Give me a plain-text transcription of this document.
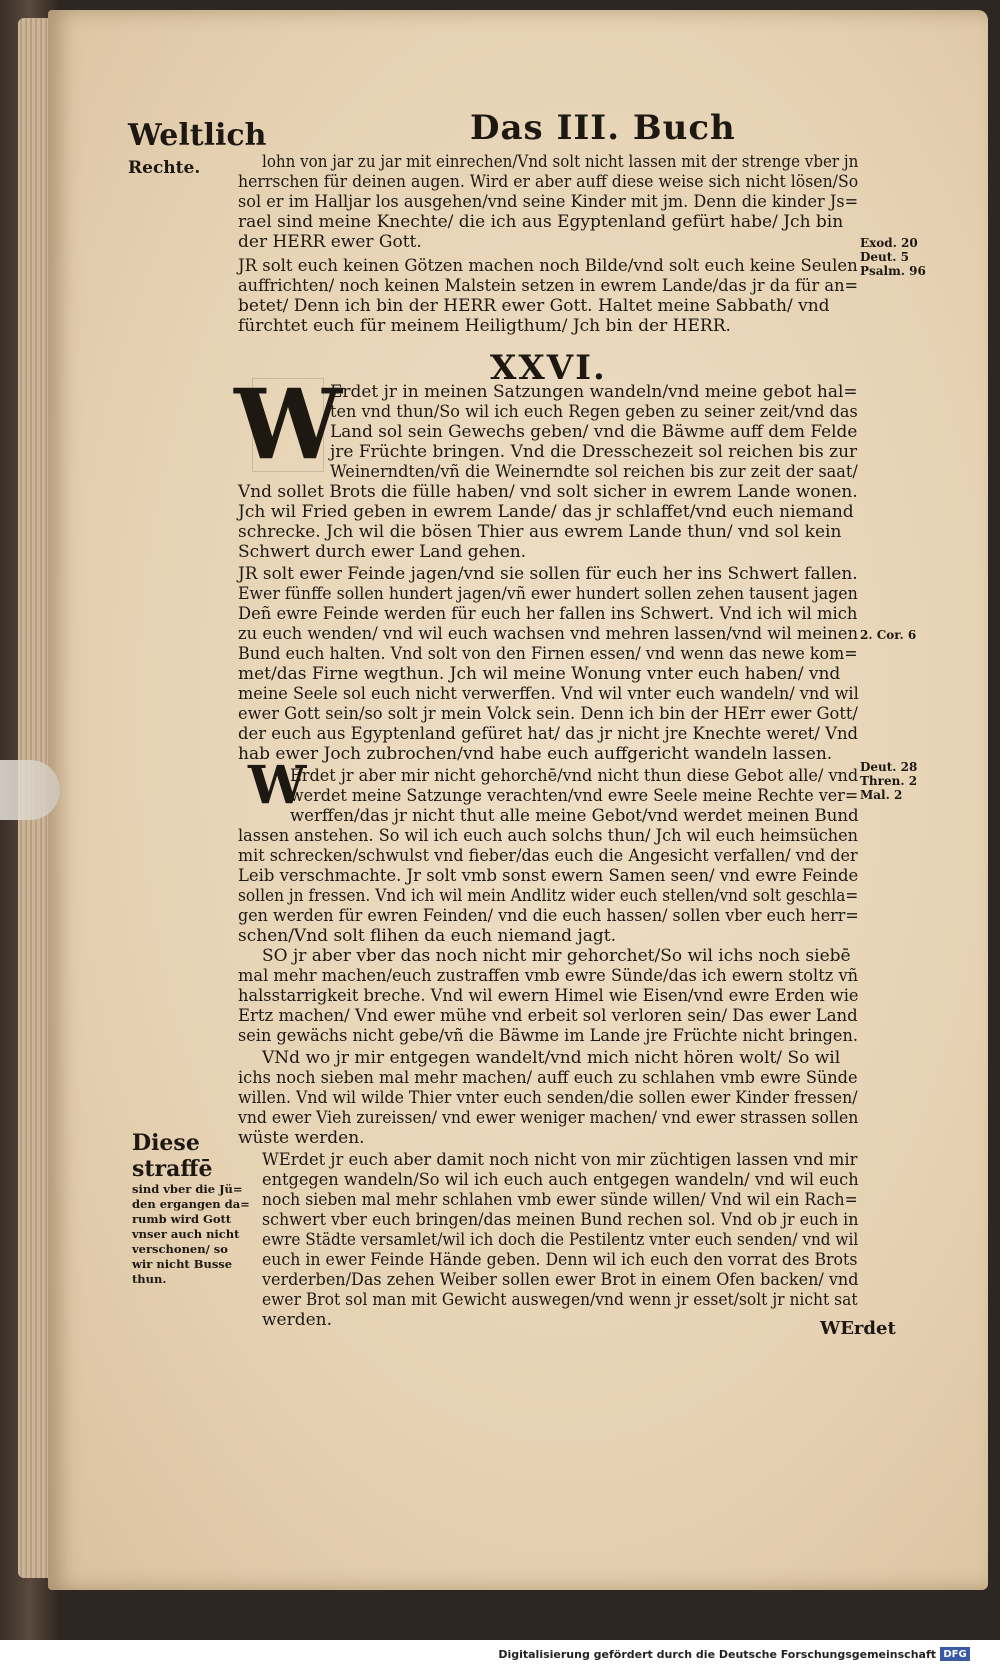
Weltlich
Rechte.
Das III. Buch
lohn von jar zu jar mit einrechen/Vnd solt nicht lassen mit der strenge vber jn
herrschen für deinen augen. Wird er aber auff diese weise sich nicht lösen/So
sol er im Halljar los ausgehen/vnd seine Kinder mit jm. Denn die kinder Js=
rael sind meine Knechte/ die ich aus Egyptenland gefürt habe/ Jch bin
der HERR ewer Gott.
JR solt euch keinen Götzen machen noch Bilde/vnd solt euch keine Seulen
auffrichten/ noch keinen Malstein setzen in ewrem Lande/das jr da für an=
betet/ Denn ich bin der HERR ewer Gott. Haltet meine Sabbath/ vnd
fürchtet euch für meinem Heiligthum/ Jch bin der HERR.
Exod. 20
Deut. 5
Psalm. 96
XXVI.
W
Erdet jr in meinen Satzungen wandeln/vnd meine gebot hal=
ten vnd thun/So wil ich euch Regen geben zu seiner zeit/vnd das
Land sol sein Gewechs geben/ vnd die Bäwme auff dem Felde
jre Früchte bringen. Vnd die Dresschezeit sol reichen bis zur
Weinerndten/vñ die Weinerndte sol reichen bis zur zeit der saat/
Vnd sollet Brots die fülle haben/ vnd solt sicher in ewrem Lande wonen.
Jch wil Fried geben in ewrem Lande/ das jr schlaffet/vnd euch niemand
schrecke. Jch wil die bösen Thier aus ewrem Lande thun/ vnd sol kein
Schwert durch ewer Land gehen.
JR solt ewer Feinde jagen/vnd sie sollen für euch her ins Schwert fallen.
Ewer fünffe sollen hundert jagen/vñ ewer hundert sollen zehen tausent jagen
Deñ ewre Feinde werden für euch her fallen ins Schwert. Vnd ich wil mich
zu euch wenden/ vnd wil euch wachsen vnd mehren lassen/vnd wil meinen
Bund euch halten. Vnd solt von den Firnen essen/ vnd wenn das newe kom=
met/das Firne wegthun. Jch wil meine Wonung vnter euch haben/ vnd
meine Seele sol euch nicht verwerffen. Vnd wil vnter euch wandeln/ vnd wil
ewer Gott sein/so solt jr mein Volck sein. Denn ich bin der HErr ewer Gott/
der euch aus Egyptenland gefüret hat/ das jr nicht jre Knechte weret/ Vnd
hab ewer Joch zubrochen/vnd habe euch auffgericht wandeln lassen.
2. Cor. 6
W
Erdet jr aber mir nicht gehorchē/vnd nicht thun diese Gebot alle/ vnd
werdet meine Satzunge verachten/vnd ewre Seele meine Rechte ver=
werffen/das jr nicht thut alle meine Gebot/vnd werdet meinen Bund
lassen anstehen. So wil ich euch auch solchs thun/ Jch wil euch heimsüchen
mit schrecken/schwulst vnd fieber/das euch die Angesicht verfallen/ vnd der
Leib verschmachte. Jr solt vmb sonst ewern Samen seen/ vnd ewre Feinde
sollen jn fressen. Vnd ich wil mein Andlitz wider euch stellen/vnd solt geschla=
gen werden für ewren Feinden/ vnd die euch hassen/ sollen vber euch herr=
schen/Vnd solt flihen da euch niemand jagt.
Deut. 28
Thren. 2
Mal. 2
SO jr aber vber das noch nicht mir gehorchet/So wil ichs noch siebē
mal mehr machen/euch zustraffen vmb ewre Sünde/das ich ewern stoltz vñ
halsstarrigkeit breche. Vnd wil ewern Himel wie Eisen/vnd ewre Erden wie
Ertz machen/ Vnd ewer mühe vnd erbeit sol verloren sein/ Das ewer Land
sein gewächs nicht gebe/vñ die Bäwme im Lande jre Früchte nicht bringen.
VNd wo jr mir entgegen wandelt/vnd mich nicht hören wolt/ So wil
ichs noch sieben mal mehr machen/ auff euch zu schlahen vmb ewre Sünde
willen. Vnd wil wilde Thier vnter euch senden/die sollen ewer Kinder fressen/
vnd ewer Vieh zureissen/ vnd ewer weniger machen/ vnd ewer strassen sollen
wüste werden.
WErdet jr euch aber damit noch nicht von mir züchtigen lassen vnd mir
entgegen wandeln/So wil ich euch auch entgegen wandeln/ vnd wil euch
noch sieben mal mehr schlahen vmb ewer sünde willen/ Vnd wil ein Rach=
schwert vber euch bringen/das meinen Bund rechen sol. Vnd ob jr euch in
ewre Städte versamlet/wil ich doch die Pestilentz vnter euch senden/ vnd wil
euch in ewer Feinde Hände geben. Denn wil ich euch den vorrat des Brots
verderben/Das zehen Weiber sollen ewer Brot in einem Ofen backen/ vnd
ewer Brot sol man mit Gewicht auswegen/vnd wenn jr esset/solt jr nicht sat
werden.
Diese straffē
sind vber die Jü=
den ergangen da=
rumb wird Gott
vnser auch nicht
verschonen/ so
wir nicht Busse
thun.
WErdet
Digitalisierung gefördert durch die Deutsche Forschungsgemeinschaft DFG
